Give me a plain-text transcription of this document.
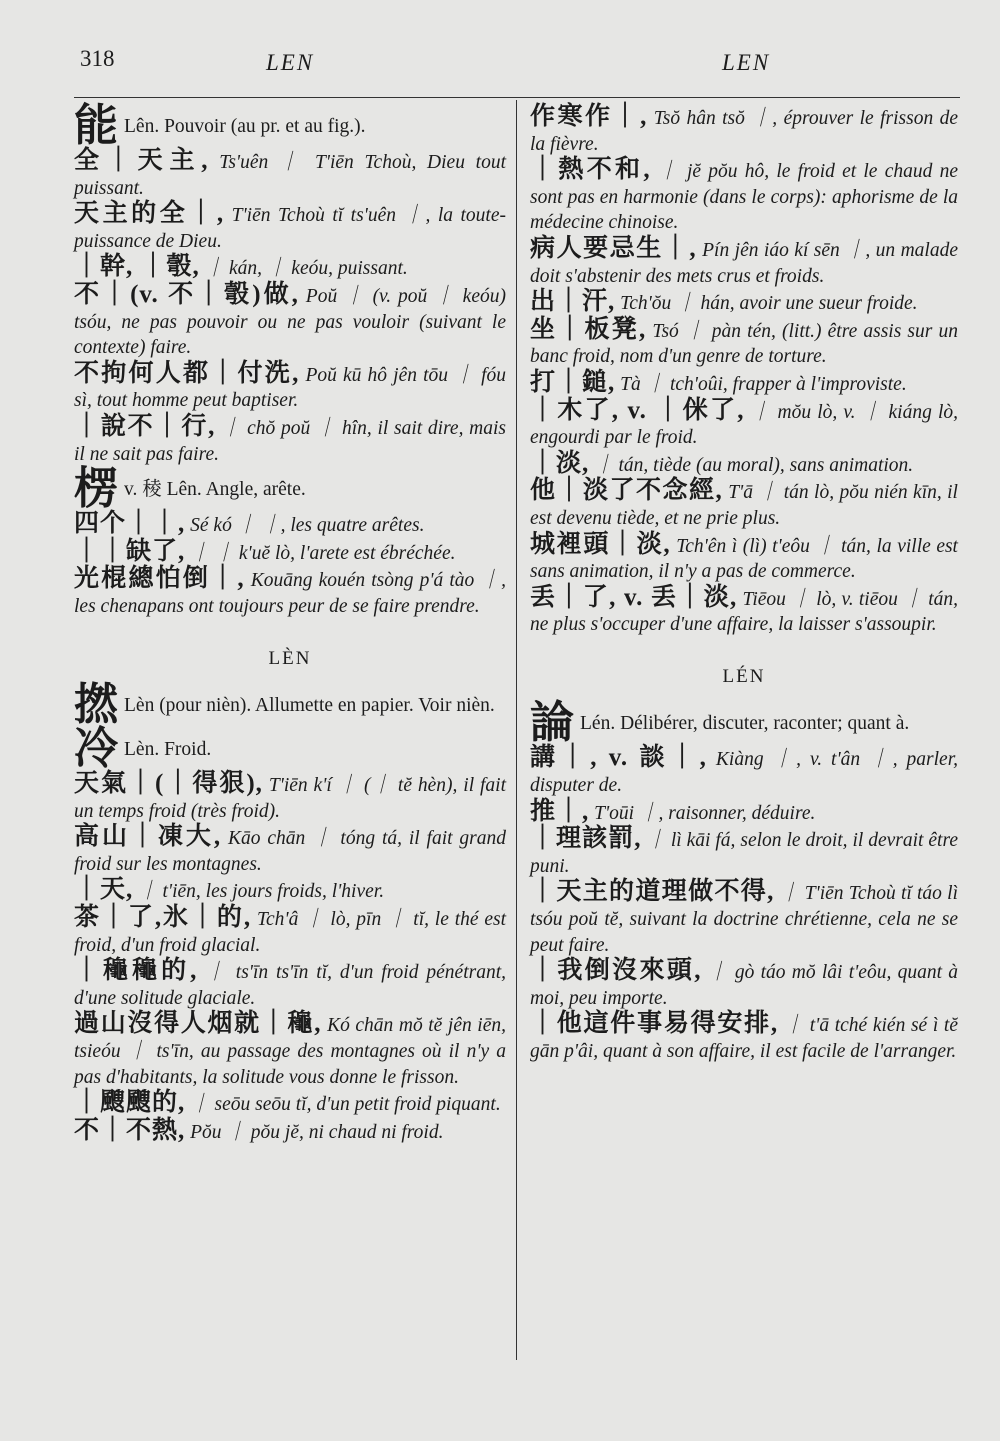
318	LEN	LEN
能 Lên. Pouvoir (au pr. et au fig.).
全｜天主, Ts'uên ｜ T'iēn Tchoù, Dieu tout puissant.
天主的全｜, T'iēn Tchoù tĭ ts'uên ｜, la toute-puissance de Dieu.
｜幹, ｜彀, ｜ kán, ｜ keóu, puissant.
不｜(v. 不｜彀)做, Poŭ ｜ (v. poŭ ｜ keóu) tsóu, ne pas pouvoir ou ne pas vouloir (suivant le contexte) faire.
不拘何人都｜付洗, Poŭ kū hô jên tōu ｜ fóu sì, tout homme peut baptiser.
｜說不｜行, ｜ chŏ poŭ ｜ hîn, il sait dire, mais il ne sait pas faire.
楞v. 稜 Lên. Angle, arête.
四个｜｜, Sé kó ｜ ｜, les quatre arêtes.
｜｜缺了, ｜ ｜ k'uĕ lò, l'arete est ébréchée.
光棍總怕倒｜, Kouāng kouén tsòng p'á tào ｜, les chenapans ont toujours peur de se faire prendre.
LÈN
撚 Lèn (pour nièn). Allumette en papier. Voir nièn.
冷 Lèn. Froid.
天氣｜(｜得狠), T'iēn k'í ｜ (｜ tĕ hèn), il fait un temps froid (très froid).
高山｜凍大, Kāo chān ｜ tóng tá, il fait grand froid sur les montagnes.
｜天, ｜ t'iēn, les jours froids, l'hiver.
茶｜了,氷｜的, Tch'â ｜ lò, pīn ｜ tĭ, le thé est froid, d'un froid glacial.
｜龝龝的, ｜ ts'īn ts'īn tĭ, d'un froid pénétrant, d'une solitude glaciale.
過山沒得人烟就｜龝, Kó chān mŏ tĕ jên iēn, tsieóu ｜ ts'īn, au passage des montagnes où il n'y a pas d'habitants, la solitude vous donne le frisson.
｜颼颼的, ｜ seōu seōu tĭ, d'un petit froid piquant.
不｜不熱, Pŏu ｜ pŏu jĕ, ni chaud ni froid.
作寒作｜, Tsŏ hân tsŏ ｜, éprouver le frisson de la fièvre.
｜熱不和, ｜ jĕ pŏu hô, le froid et le chaud ne sont pas en harmonie (dans le corps): aphorisme de la médecine chinoise.
病人要忌生｜, Pín jên iáo kí sēn ｜, un malade doit s'abstenir des mets crus et froids.
出｜汗, Tch'ŏu ｜ hán, avoir une sueur froide.
坐｜板凳, Tsó ｜ pàn tén, (litt.) être assis sur un banc froid, nom d'un genre de torture.
打｜鎚, Tà ｜ tch'oûi, frapper à l'improviste.
｜木了, v. ｜侎了, ｜ mŏu lò, v. ｜ kiáng lò, engourdi par le froid.
｜淡, ｜ tán, tiède (au moral), sans animation.
他｜淡了不念經, T'ā ｜ tán lò, pŏu nién kīn, il est devenu tiède, et ne prie plus.
城裡頭｜淡, Tch'ên ì (lì) t'eôu ｜ tán, la ville est sans animation, il n'y a pas de commerce.
丢｜了, v. 丢｜淡, Tiēou ｜ lò, v. tiēou ｜ tán, ne plus s'occuper d'une affaire, la laisser s'assoupir.
LÉN
論 Lén. Délibérer, discuter, raconter; quant à.
講｜, v. 談｜, Kiàng ｜, v. t'ân ｜, parler, disputer de.
推｜, T'oūi ｜, raisonner, déduire.
｜理該罰, ｜ lì kāi fá, selon le droit, il devrait être puni.
｜天主的道理做不得, ｜ T'iēn Tchoù tĭ táo lì tsóu poŭ tĕ, suivant la doctrine chrétienne, cela ne se peut faire.
｜我倒沒來頭, ｜ gò táo mŏ lâi t'eôu, quant à moi, peu importe.
｜他這件事易得安排, ｜ t'ā tché kién sé ì tĕ gān p'âi, quant à son affaire, il est facile de l'arranger.
